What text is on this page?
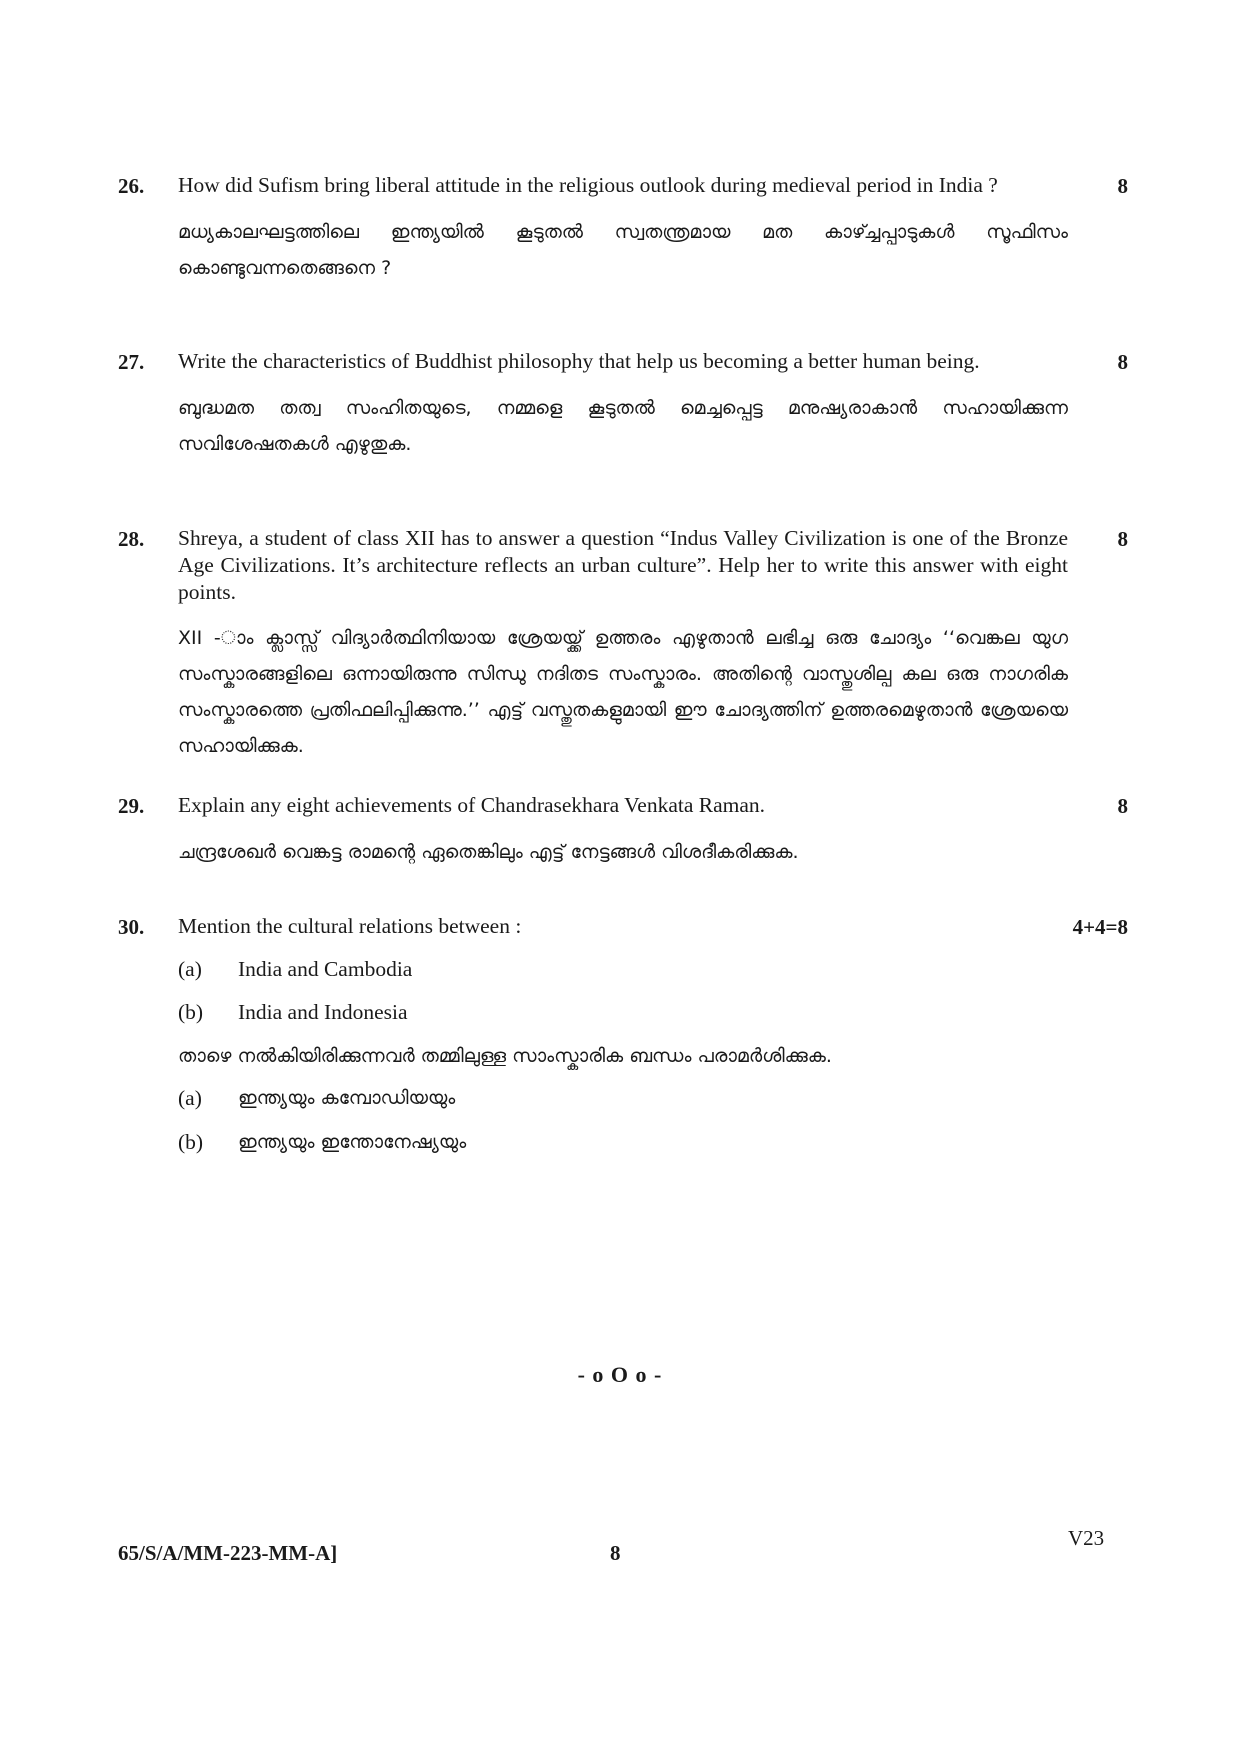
26.	How did Sufism bring liberal attitude in the religious outlook during medieval period in India ?	8
മധ്യകാലഘട്ടത്തിലെ ഇന്ത്യയിൽ കൂടുതൽ സ്വതന്ത്രമായ മത കാഴ്ച്ചപ്പാടുകൾ സൂഫിസം കൊണ്ടുവന്നതെങ്ങനെ ?
27.	Write the characteristics of Buddhist philosophy that help us becoming a better human being.	8
ബുദ്ധമത തത്വ സംഹിതയുടെ, നമ്മളെ കൂടുതൽ മെച്ചപ്പെട്ട മനുഷ്യരാകാൻ സഹായിക്കുന്ന സവിശേഷതകൾ എഴുതുക.
28.	Shreya, a student of class XII has to answer a question “Indus Valley Civilization is one of the Bronze Age Civilizations. It’s architecture reflects an urban culture”. Help her to write this answer with eight points.
8
XII -ാം ക്ലാസ്സ് വിദ്യാർത്ഥിനിയായ ശ്രേയയ്ക്ക് ഉത്തരം എഴുതാൻ ലഭിച്ച ഒരു ചോദ്യം ‘‘വെങ്കല യുഗ സംസ്കാരങ്ങളിലെ ഒന്നായിരുന്നു സിന്ധു നദിതട സംസ്കാരം. അതിന്റെ വാസ്തുശില്പ കല ഒരു നാഗരിക സംസ്കാരത്തെ പ്രതിഫലിപ്പിക്കുന്നു.’’ എട്ട് വസ്തുതകളുമായി ഈ ചോദ്യത്തിന് ഉത്തരമെഴുതാൻ ശ്രേയയെ സഹായിക്കുക.
29.	Explain any eight achievements of Chandrasekhara Venkata Raman.	8
ചന്ദ്രശേഖർ വെങ്കട്ട രാമന്റെ ഏതെങ്കിലും എട്ട് നേട്ടങ്ങൾ വിശദീകരിക്കുക.
30.	Mention the cultural relations between :	4+4=8
(a)	India and Cambodia
(b)	India and Indonesia
താഴെ നൽകിയിരിക്കുന്നവർ തമ്മിലുള്ള സാംസ്കാരിക ബന്ധം പരാമർശിക്കുക.
(a)	ഇന്ത്യയും കമ്പോഡിയയും
(b)	ഇന്ത്യയും ഇന്തോനേഷ്യയും
- o O o -
65/S/A/MM-223-MM-A]	8
V23
